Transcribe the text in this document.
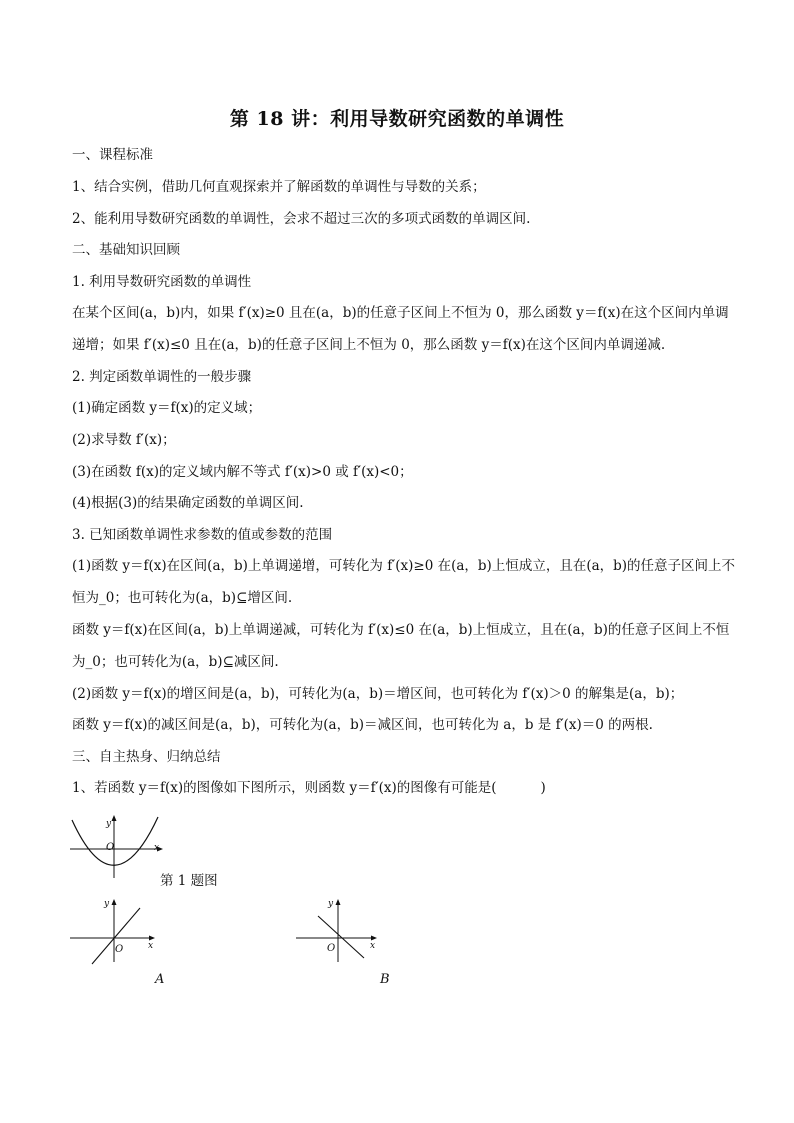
第 18 讲：利用导数研究函数的单调性
一、课程标准
1、结合实例，借助几何直观探索并了解函数的单调性与导数的关系；
2、能利用导数研究函数的单调性，会求不超过三次的多项式函数的单调区间.
二、基础知识回顾
1. 利用导数研究函数的单调性
在某个区间(a，b)内，如果 f′(x)≥0 且在(a，b)的任意子区间上不恒为 0，那么函数 y＝f(x)在这个区间内单调
递增；如果 f′(x)≤0 且在(a，b)的任意子区间上不恒为 0，那么函数 y＝f(x)在这个区间内单调递减.
2. 判定函数单调性的一般步骤
(1)确定函数 y＝f(x)的定义域；
(2)求导数 f′(x)；
(3)在函数 f(x)的定义域内解不等式 f′(x)>0 或 f′(x)<0；
(4)根据(3)的结果确定函数的单调区间.
3. 已知函数单调性求参数的值或参数的范围
(1)函数 y＝f(x)在区间(a，b)上单调递增，可转化为 f′(x)≥0 在(a，b)上恒成立，且在(a，b)的任意子区间上不
恒为_0；也可转化为(a，b)⊆增区间.
函数 y＝f(x)在区间(a，b)上单调递减，可转化为 f′(x)≤0 在(a，b)上恒成立，且在(a，b)的任意子区间上不恒
为_0；也可转化为(a，b)⊆减区间.
(2)函数 y＝f(x)的增区间是(a，b)，可转化为(a，b)＝增区间，也可转化为 f′(x)＞0 的解集是(a，b)；
函数 y＝f(x)的减区间是(a，b)，可转化为(a，b)＝减区间，也可转化为 a，b 是 f′(x)＝0 的两根.
三、自主热身、归纳总结
1、若函数 y＝f(x)的图像如下图所示，则函数 y＝f′(x)的图像有可能是(	)
y
x
O
第 1 题图
y
x
O
A
y
x
O
B
